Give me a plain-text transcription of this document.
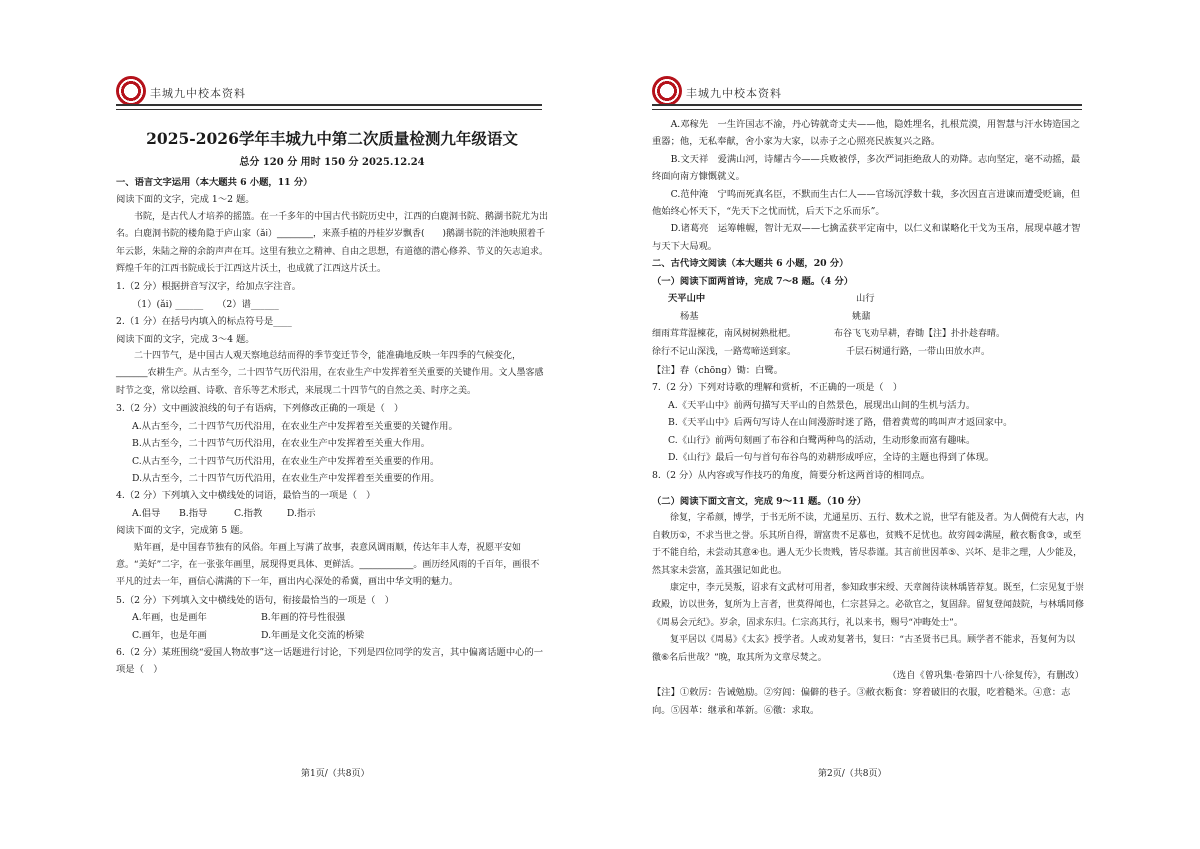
丰城九中校本资料

2025-2026学年丰城九中第二次质量检测九年级语文

总分 120 分 用时 150 分 2025.12.24

一、语言文字运用（本大题共 6 小题，11 分）

阅读下面的文字，完成 1～2 题。

书院，是古代人才培养的摇篮。在一千多年的中国古代书院历史中，江西的白鹿洞书院、鹅湖书院尤为出名。白鹿洞书院的楼角隐于庐山家（ǎi）________，来熹手植的丹桂岁岁飘香(　　)鹅湖书院的泮池映照着千年云影，朱陆之辩的余韵声声在耳。这里有独立之精神、自由之思想，有道德的潜心修养、节义的矢志追求。辉煌千年的江西书院成长于江西这片沃土，也成就了江西这片沃土。

1.（2 分）根据拼音写汉字，给加点字注音。

（1）(ǎi) ______　　（2）谱______

2.（1 分）在括号内填入的标点符号是____

阅读下面的文字，完成 3～4 题。

二十四节气，是中国古人观天察地总结而得的季节变迁节令，能准确地反映一年四季的气候变化，_______农耕生产。从古至今，二十四节气历代沿用，在农业生产中发挥着至关重要的关键作用。文人墨客感时节之变，常以绘画、诗歌、音乐等艺术形式，来展现二十四节气的自然之美、时序之美。

3.（2 分）文中画波浪线的句子有语病，下列修改正确的一项是（　）

A.从古至今，二十四节气历代沿用，在农业生产中发挥着至关重要的关键作用。

B.从古至今，二十四节气历代沿用，在农业生产中发挥着至关重大作用。

C.从古至今，二十四节气历代沿用，在农业生产中发挥着至关重要的作用。

D.从古至今，二十四节气历代沿用，在农业生产中发挥着至关重要的作用。

4.（2 分）下列填入文中横线处的词语，最恰当的一项是（　）

A.倡导 B.指导	C.指教	D.指示

阅读下面的文字，完成第 5 题。

贴年画，是中国春节独有的风俗。年画上写满了故事，表意风调雨顺，传达年丰人寿，祝愿平安如意。“美好”二字，在一张张年画里，展现得更具体、更鲜活。____________。画历经风雨的千百年，画很不平凡的过去一年，画信心满满的下一年，画出内心深处的希冀，画出中华文明的魅力。

5.（2 分）下列填入文中横线处的语句，衔接最恰当的一项是（　）

A.年画，也是画年	B.年画的符号性很强

C.画年，也是年画	D.年画是文化交流的桥梁

6.（2 分）某班围绕“爱国人物故事”这一话题进行讨论，下列是四位同学的发言，其中偏离话题中心的一项是（　）

第1页/（共8页）
丰城九中校本资料

A.邓稼先　一生许国志不渝，丹心铸就奇丈夫——他，隐姓埋名，扎根荒漠，用智慧与汗水铸造国之重器；他，无私奉献，舍小家为大家，以赤子之心照亮民族复兴之路。

B.文天祥　爱满山河，诗耀古今——兵败被俘，多次严词拒绝敌人的劝降。志向坚定，毫不动摇，最终面向南方慷慨就义。

C.范仲淹　宁鸣而死真名臣，不默而生古仁人——官场沉浮数十载，多次因直言进谏而遭受贬谪，但他始终心怀天下，“先天下之忧而忧，后天下之乐而乐”。

D.诸葛亮　运筹帷幄，智计无双——七擒孟获平定南中，以仁义和谋略化干戈为玉帛，展现卓越才智与天下大局观。

二、古代诗文阅读（本大题共 6 小题，20 分）

（一）阅读下面两首诗，完成 7～8 题。（4 分）

天平山中	山行
杨基	姚鼐
细雨茸茸湿楝花，南风树树熟枇杷。	布谷飞飞劝早耕，舂锄【注】扑扑趁春晴。
徐行不记山深浅，一路莺啼送到家。	千层石树通行路，一带山田放水声。

【注】舂（chōng）锄：白鹭。

7.（2 分）下列对诗歌的理解和赏析，不正确的一项是（　）

A.《天平山中》前两句描写天平山的自然景色，展现出山间的生机与活力。

B.《天平山中》后两句写诗人在山间漫游时迷了路，借着黄莺的鸣叫声才返回家中。

C.《山行》前两句刻画了布谷和白鹭两种鸟的活动，生动形象而富有趣味。

D.《山行》最后一句与首句布谷鸟的劝耕形成呼应，全诗的主题也得到了体现。

8.（2 分）从内容或写作技巧的角度，简要分析这两首诗的相同点。

（二）阅读下面文言文，完成 9～11 题。（10 分）

徐复，字希颜，博学，于书无所不读，尤通星历、五行、数术之说，世罕有能及者。为人倜傥有大志，内自敕历①，不求当世之誉。乐其所自得，谓富贵不足慕也，贫贱不足忧也。故穷闾②满屋，敝衣粝食③，或至于不能自给，未尝动其意④也。遇人无少长贵贱，皆尽恭谨。其言前世因革⑤、兴坏、是非之理，人少能及，然其家未尝富，盖其强记如此也。

康定中，李元昊叛，诏求有文武材可用者，参知政事宋绶、天章阁待读林瑀皆荐复。既至，仁宗见复于崇政殿，访以世务，复所为上言者，世莫得闻也，仁宗甚异之。必欲官之，复固辞。留复登闻鼓院，与林瑀同修《周易会元纪》。岁余，固求东归。仁宗高其行，礼以来书，赐号“冲晦处士”。

复平居以《周易》《太玄》授学者。人或劝复著书，复曰：“古圣贤书已具。顾学者不能求，吾复何为以徼⑥名后世哉？”晚，取其所为文章尽焚之。

（选自《曾巩集·卷第四十八·徐复传》，有删改）

【注】①敕厉：告诫勉励。②穷闾：偏僻的巷子。③敝衣粝食：穿着破旧的衣服，吃着糙米。④意：志向。⑤因革：继承和革新。⑥徼：求取。

第2页/（共8页）
